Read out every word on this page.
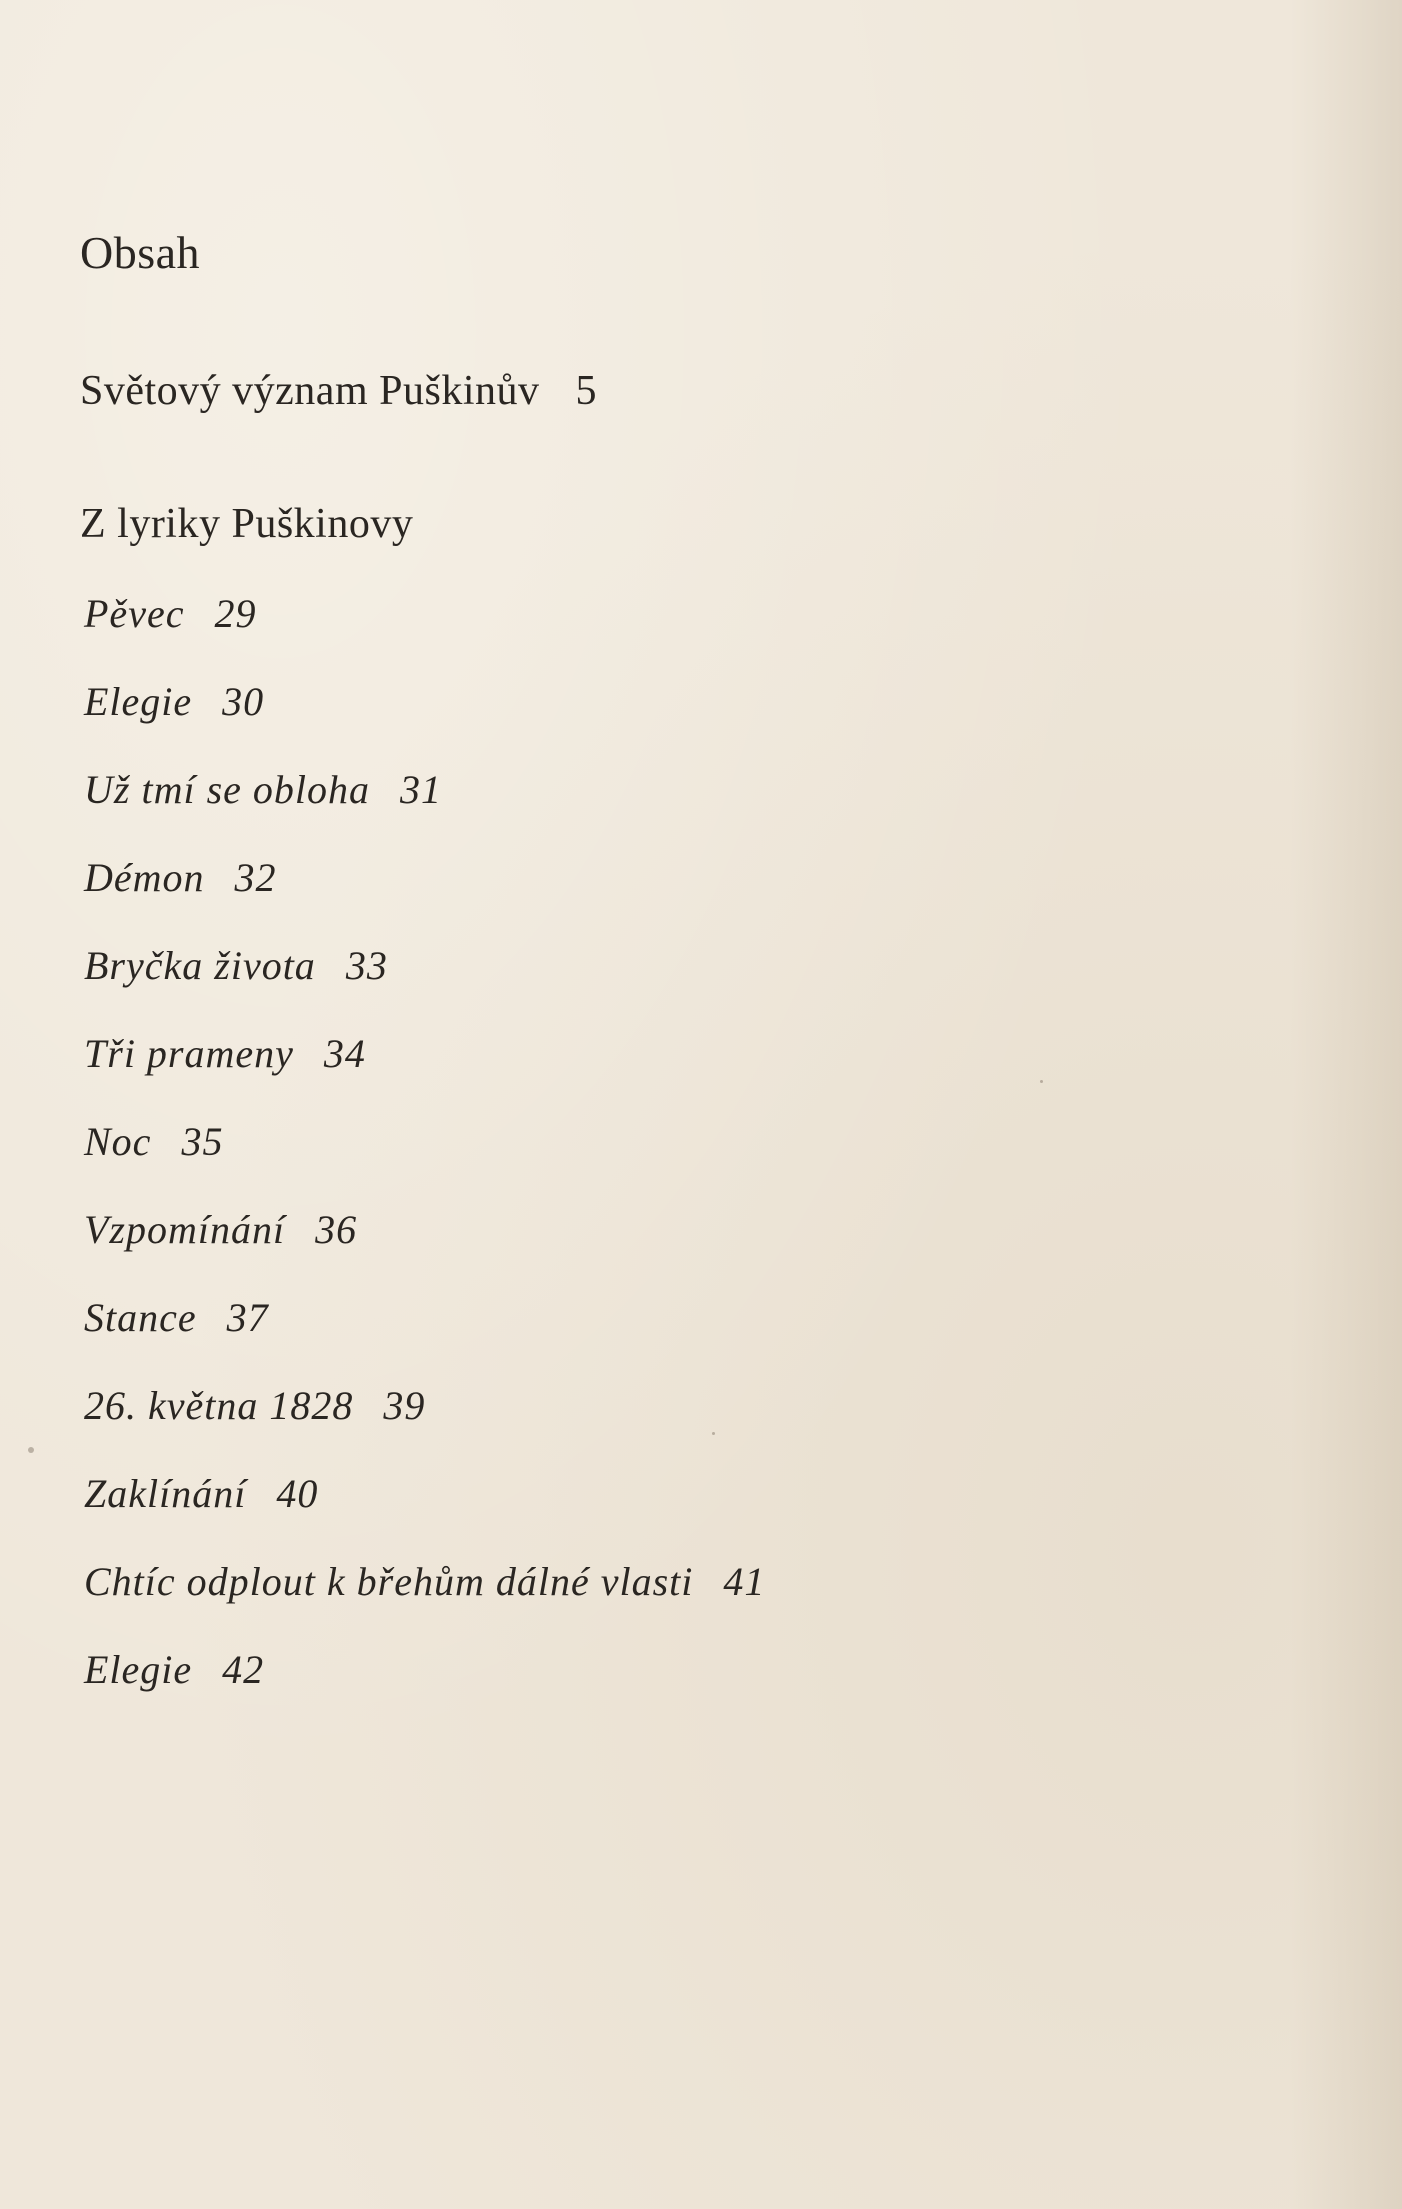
Obsah
Světový význam Puškinův 5
Z lyriky Puškinovy
Pěvec 29
Elegie 30
Už tmí se obloha 31
Démon 32
Bryčka života 33
Tři prameny 34
Noc 35
Vzpomínání 36
Stance 37
26. května 1828 39
Zaklínání 40
Chtíc odplout k břehům dálné vlasti 41
Elegie 42
